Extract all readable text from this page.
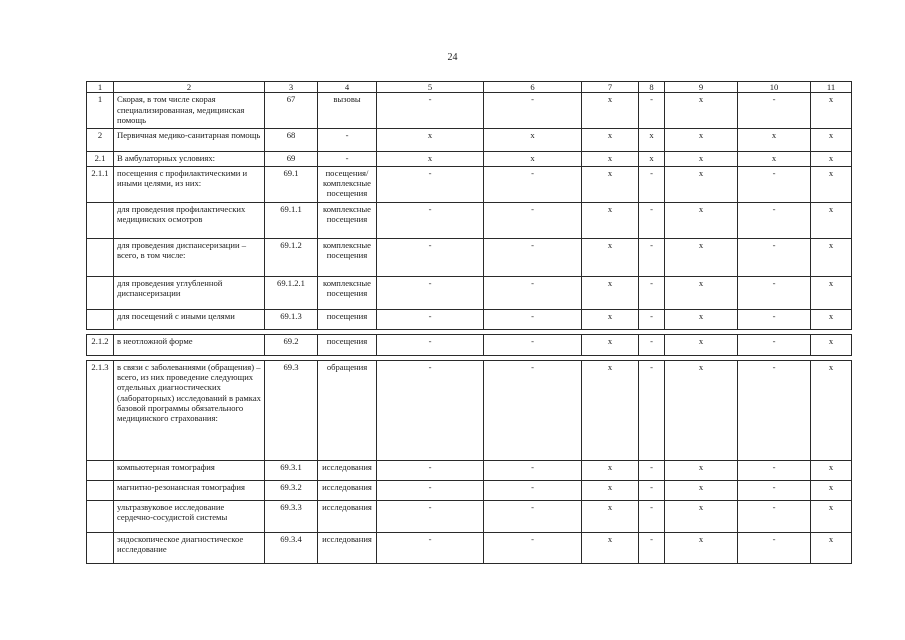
24
1	2	3	4	5	6	7	8	9	10	11
1	Скорая, в том числе скорая специализированная, медицинская помощь	67	вызовы	-	-	х	-	х	-	х
2	Первичная медико-санитарная помощь	68	-	х	х	х	х	х	х	х
2.1	В амбулаторных условиях:	69	-	х	х	х	х	х	х	х
2.1.1	посещения с профилактическими и иными целями, из них:	69.1	посещения/ комплексные посещения	-	-	х	-	х	-	х
	для проведения профилактических медицинских осмотров	69.1.1	комплексные посещения	-	-	х	-	х	-	х
	для проведения диспансеризации – всего, в том числе:	69.1.2	комплексные посещения	-	-	х	-	х	-	х
	для проведения углубленной диспансеризации	69.1.2.1	комплексные посещения	-	-	х	-	х	-	х
	для посещений с иными целями	69.1.3	посещения	-	-	х	-	х	-	х

2.1.2	в неотложной форме	69.2	посещения	-	-	х	-	х	-	х

2.1.3	в связи с заболеваниями (обращения) – всего, из них проведение следующих отдельных диагностических (лабораторных) исследований в рамках базовой программы обязательного медицинского страхования:	69.3	обращения	-	-	х	-	х	-	х
	компьютерная томография	69.3.1	исследования	-	-	х	-	х	-	х
	магнитно-резонансная томография	69.3.2	исследования	-	-	х	-	х	-	х
	ультразвуковое исследование сердечно-сосудистой системы	69.3.3	исследования	-	-	х	-	х	-	х
	эндоскопическое диагностическое исследование	69.3.4	исследования	-	-	х	-	х	-	х
